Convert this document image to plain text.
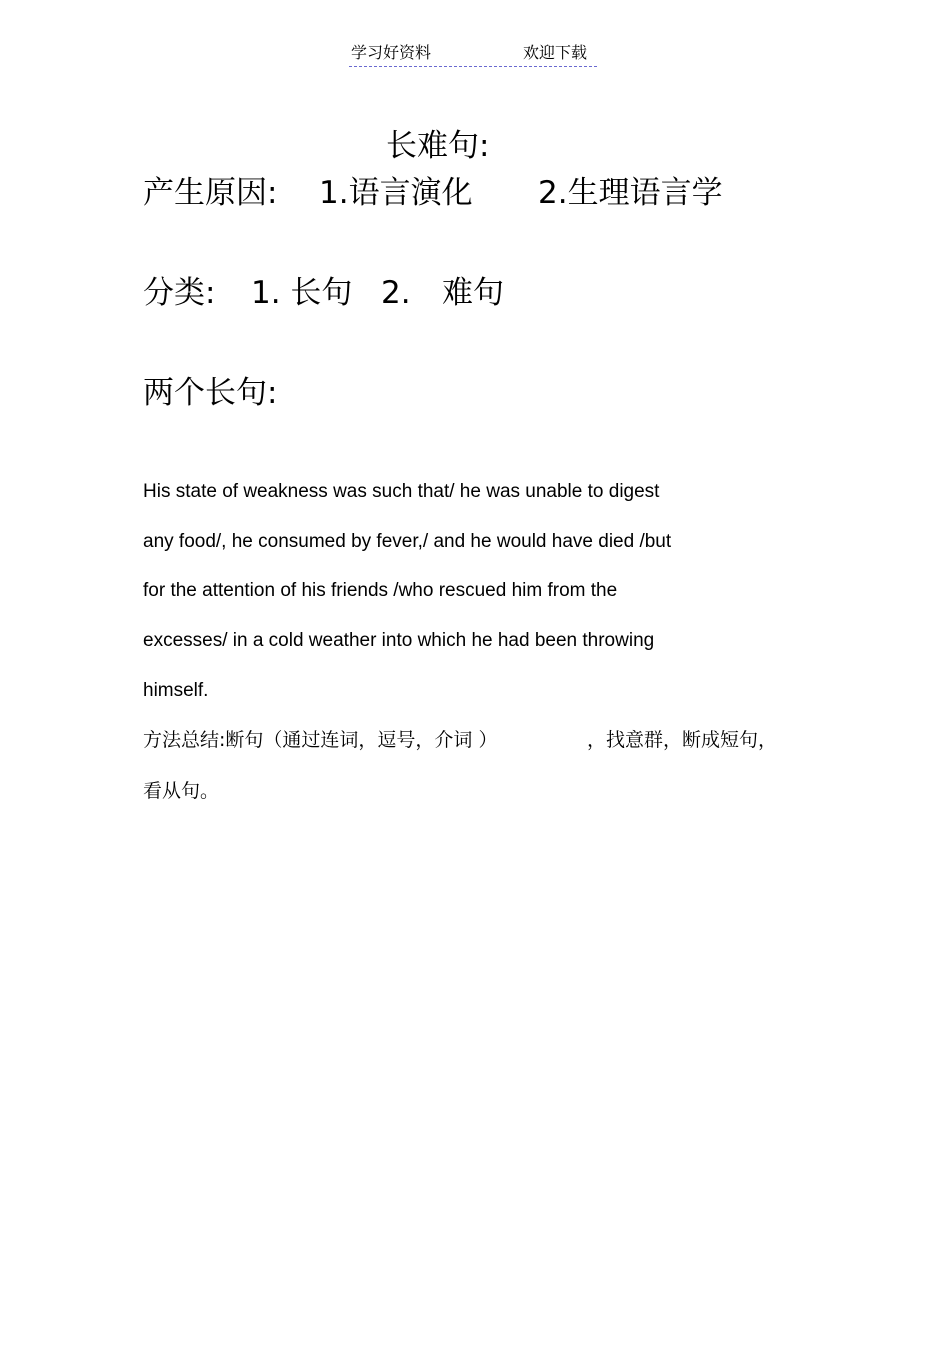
学习好资料	欢迎下载
长难句:
产生原因: 1.语言演化 2.生理语言学
分类: 1. 长句 2. 难句
两个长句:
His state of weakness was such that/ he was unable to digest
any food/, he consumed by fever,/ and he would have died /but
for the attention of his friends /who rescued him from the
excesses/ in a cold weather into which he had been throwing
himself.
方法总结:断句（通过连词，逗号，介词 ）	，找意群，断成短句，
看从句。
